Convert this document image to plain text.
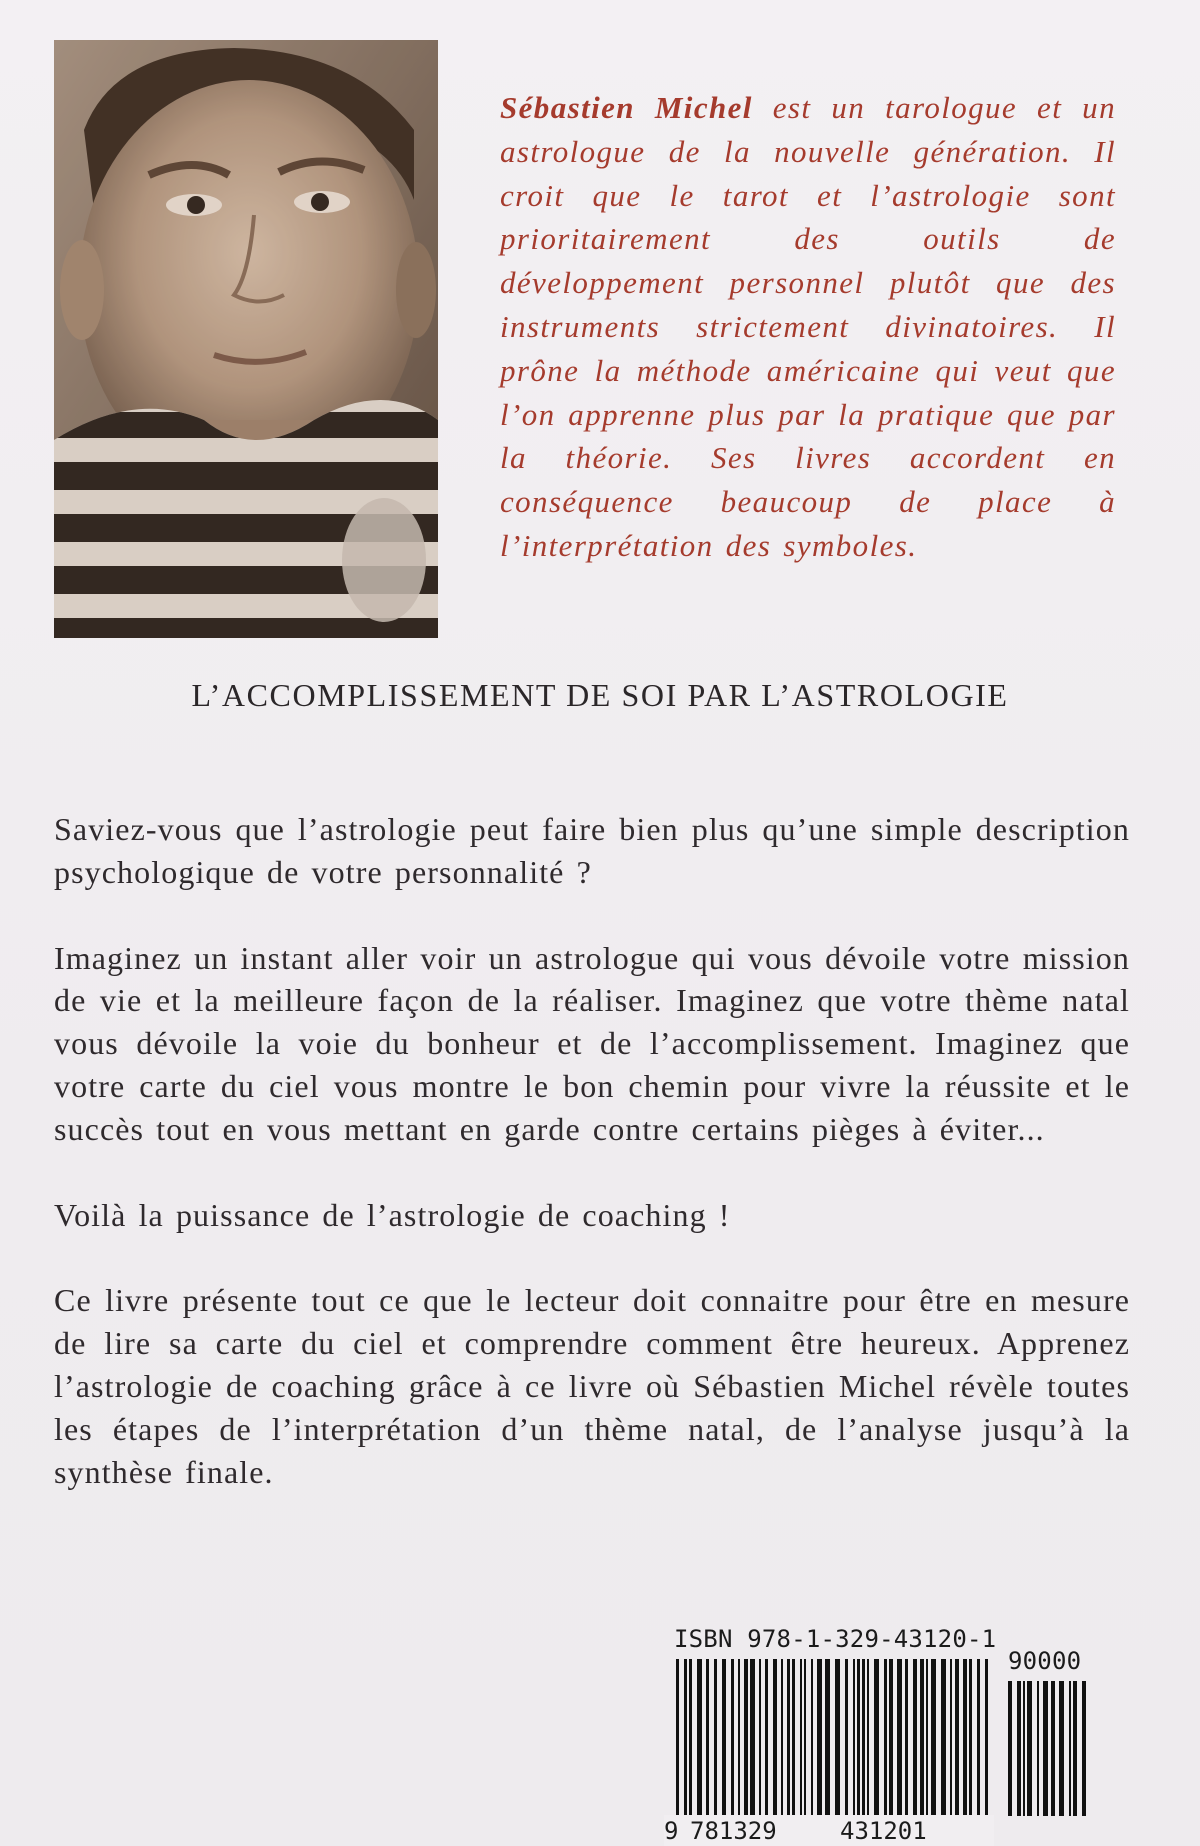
Sébastien Michel est un tarologue et un astrologue de la nouvelle génération. Il croit que le tarot et l’astrologie sont prioritairement des outils de développement personnel plutôt que des instruments strictement divinatoires. Il prône la méthode américaine qui veut que l’on apprenne plus par la pratique que par la théorie. Ses livres accordent en conséquence beaucoup de place à l’interprétation des symboles.
L’ACCOMPLISSEMENT DE SOI PAR L’ASTROLOGIE

Saviez-vous que l’astrologie peut faire bien plus qu’une simple description psychologique de votre personnalité ?

Imaginez un instant aller voir un astrologue qui vous dévoile votre mission de vie et la meilleure façon de la réaliser. Imaginez que votre thème natal vous dévoile la voie du bonheur et de l’accomplissement. Imaginez que votre carte du ciel vous montre le bon chemin pour vivre la réussite et le succès tout en vous mettant en garde contre certains pièges à éviter...

Voilà la puissance de l’astrologie de coaching !

Ce livre présente tout ce que le lecteur doit connaitre pour être en mesure de lire sa carte du ciel et comprendre comment être heureux. Apprenez l’astrologie de coaching grâce à ce livre où Sébastien Michel révèle toutes les étapes de l’interprétation d’un thème natal, de l’analyse jusqu’à la synthèse finale.

ISBN 978-1-329-43120-1
90000
9 781329	431201
